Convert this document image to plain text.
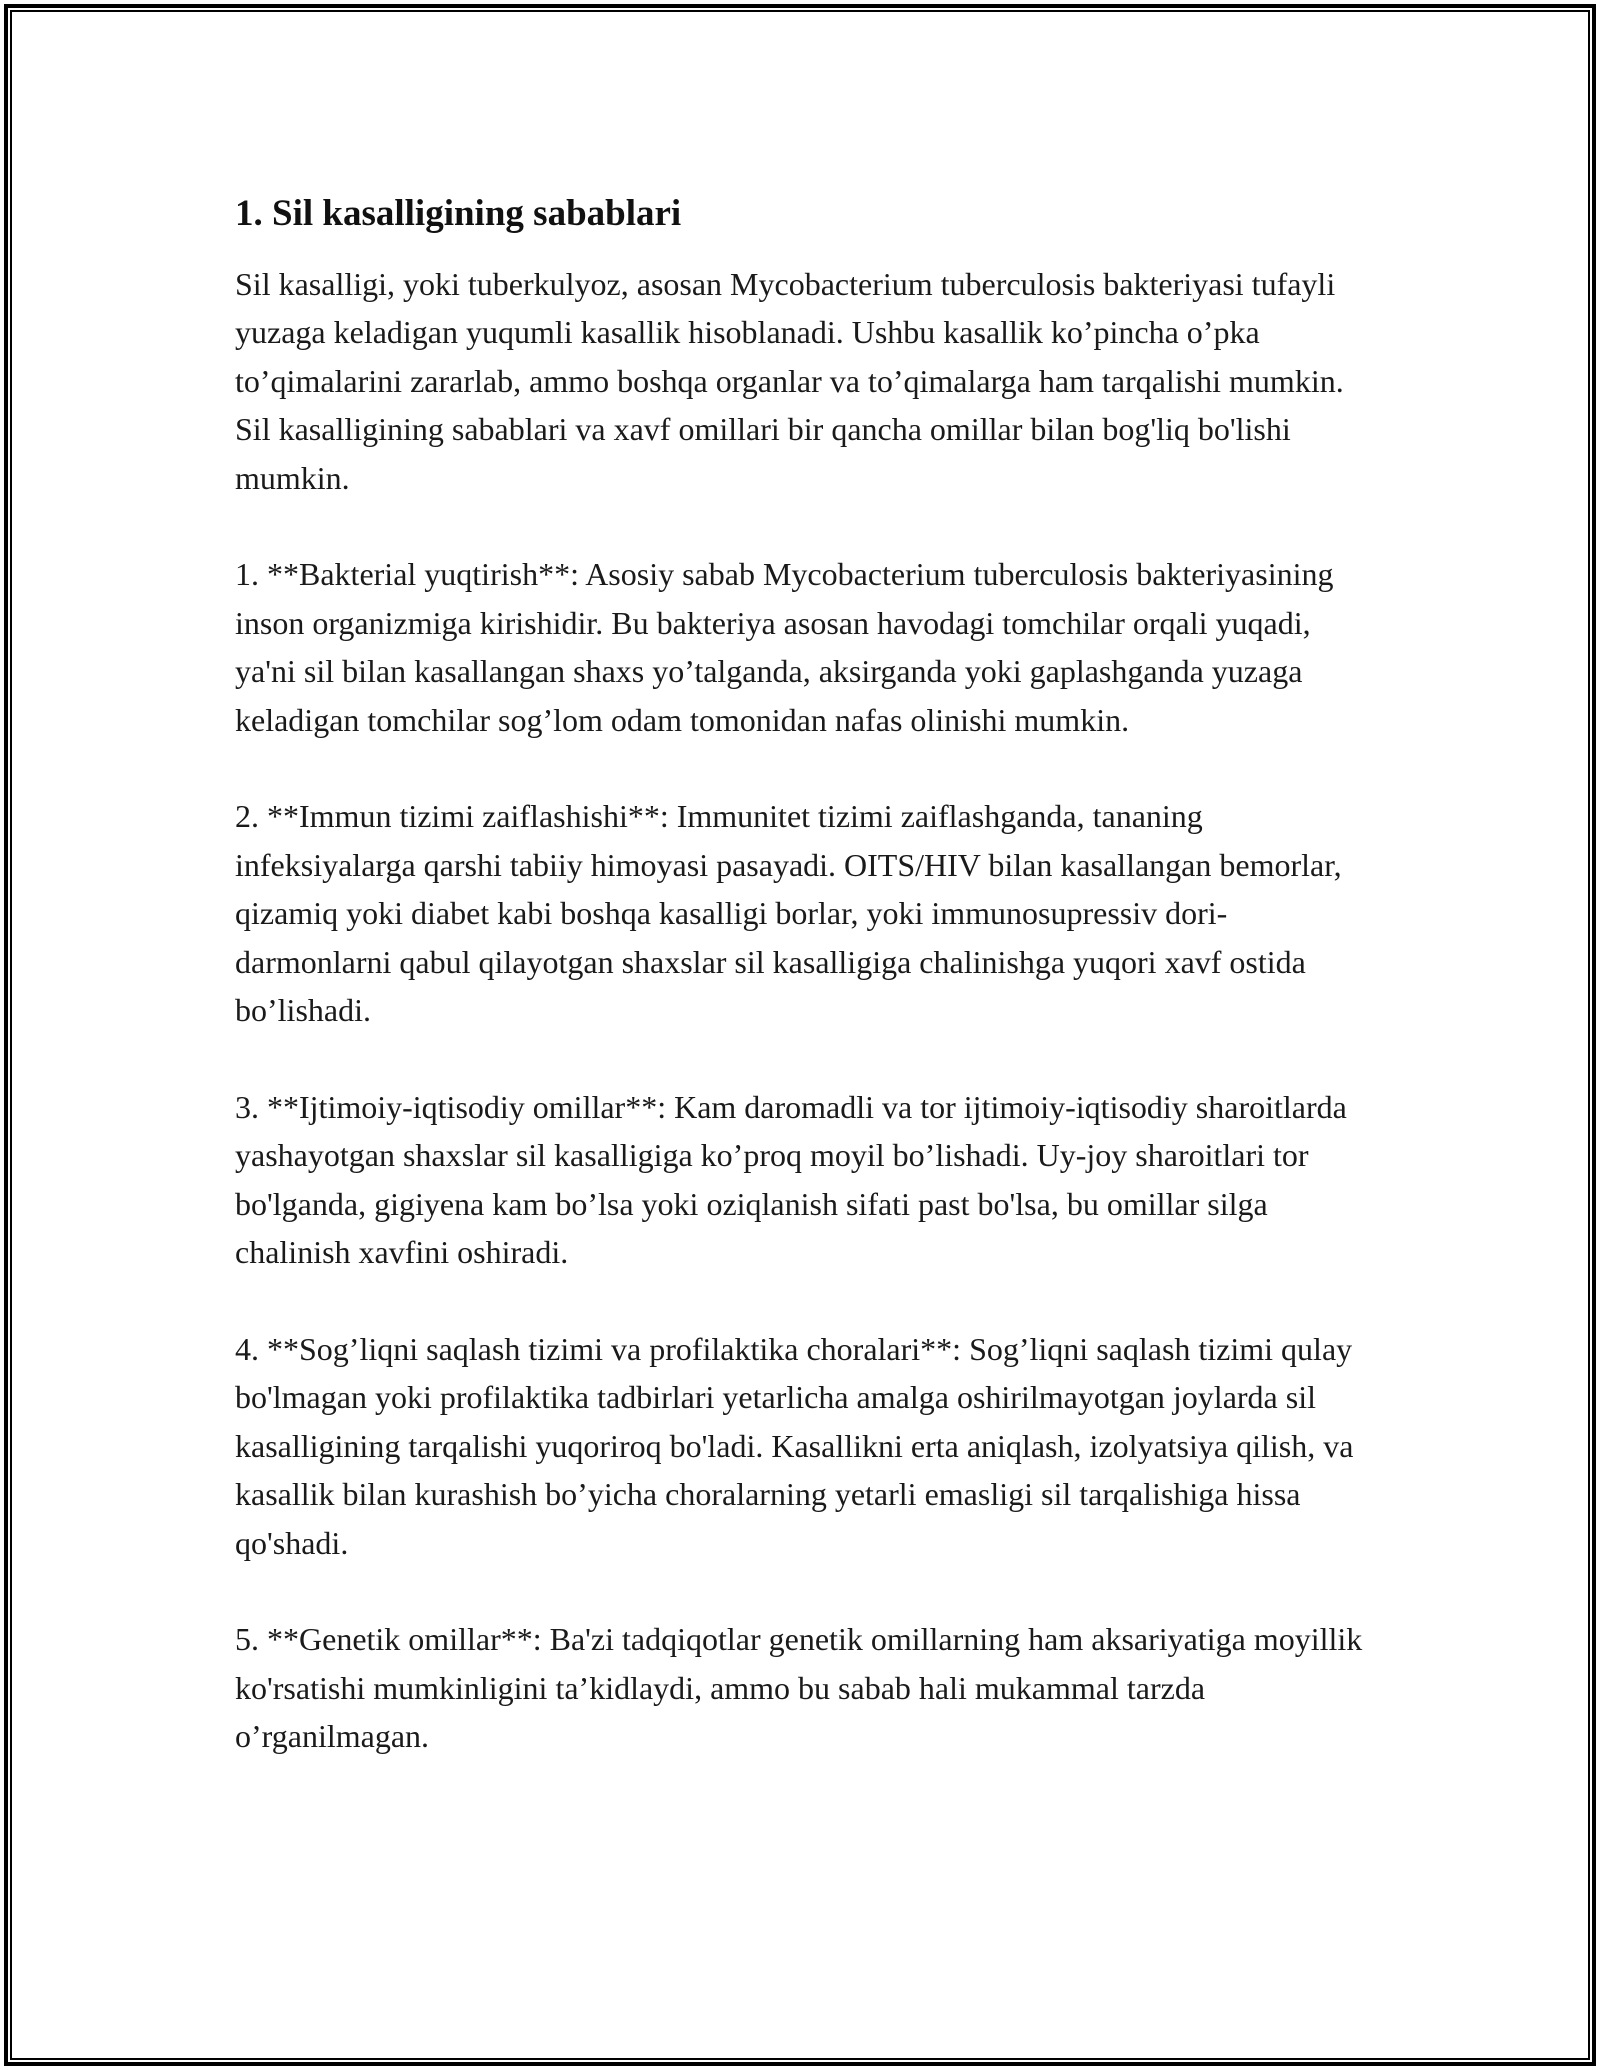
1. Sil kasalligining sabablari

Sil kasalligi, yoki tuberkulyoz, asosan Mycobacterium tuberculosis bakteriyasi tufayli yuzaga keladigan yuqumli kasallik hisoblanadi. Ushbu kasallik ko’pincha o’pka to’qimalarini zararlab, ammo boshqa organlar va to’qimalarga ham tarqalishi mumkin. Sil kasalligining sabablari va xavf omillari bir qancha omillar bilan bog'liq bo'lishi mumkin.

1. **Bakterial yuqtirish**: Asosiy sabab Mycobacterium tuberculosis bakteriyasining inson organizmiga kirishidir. Bu bakteriya asosan havodagi tomchilar orqali yuqadi, ya'ni sil bilan kasallangan shaxs yo’talganda, aksirganda yoki gaplashganda yuzaga keladigan tomchilar sog’lom odam tomonidan nafas olinishi mumkin.

2. **Immun tizimi zaiflashishi**: Immunitet tizimi zaiflashganda, tananing infeksiyalarga qarshi tabiiy himoyasi pasayadi. OITS/HIV bilan kasallangan bemorlar, qizamiq yoki diabet kabi boshqa kasalligi borlar, yoki immunosupressiv dori-darmonlarni qabul qilayotgan shaxslar sil kasalligiga chalinishga yuqori xavf ostida bo’lishadi.

3. **Ijtimoiy-iqtisodiy omillar**: Kam daromadli va tor ijtimoiy-iqtisodiy sharoitlarda yashayotgan shaxslar sil kasalligiga ko’proq moyil bo’lishadi. Uy-joy sharoitlari tor bo'lganda, gigiyena kam bo’lsa yoki oziqlanish sifati past bo'lsa, bu omillar silga chalinish xavfini oshiradi.

4. **Sog’liqni saqlash tizimi va profilaktika choralari**: Sog’liqni saqlash tizimi qulay bo'lmagan yoki profilaktika tadbirlari yetarlicha amalga oshirilmayotgan joylarda sil kasalligining tarqalishi yuqoriroq bo'ladi. Kasallikni erta aniqlash, izolyatsiya qilish, va kasallik bilan kurashish bo’yicha choralarning yetarli emasligi sil tarqalishiga hissa qo'shadi.

5. **Genetik omillar**: Ba'zi tadqiqotlar genetik omillarning ham aksariyatiga moyillik ko'rsatishi mumkinligini ta’kidlaydi, ammo bu sabab hali mukammal tarzda o’rganilmagan.
